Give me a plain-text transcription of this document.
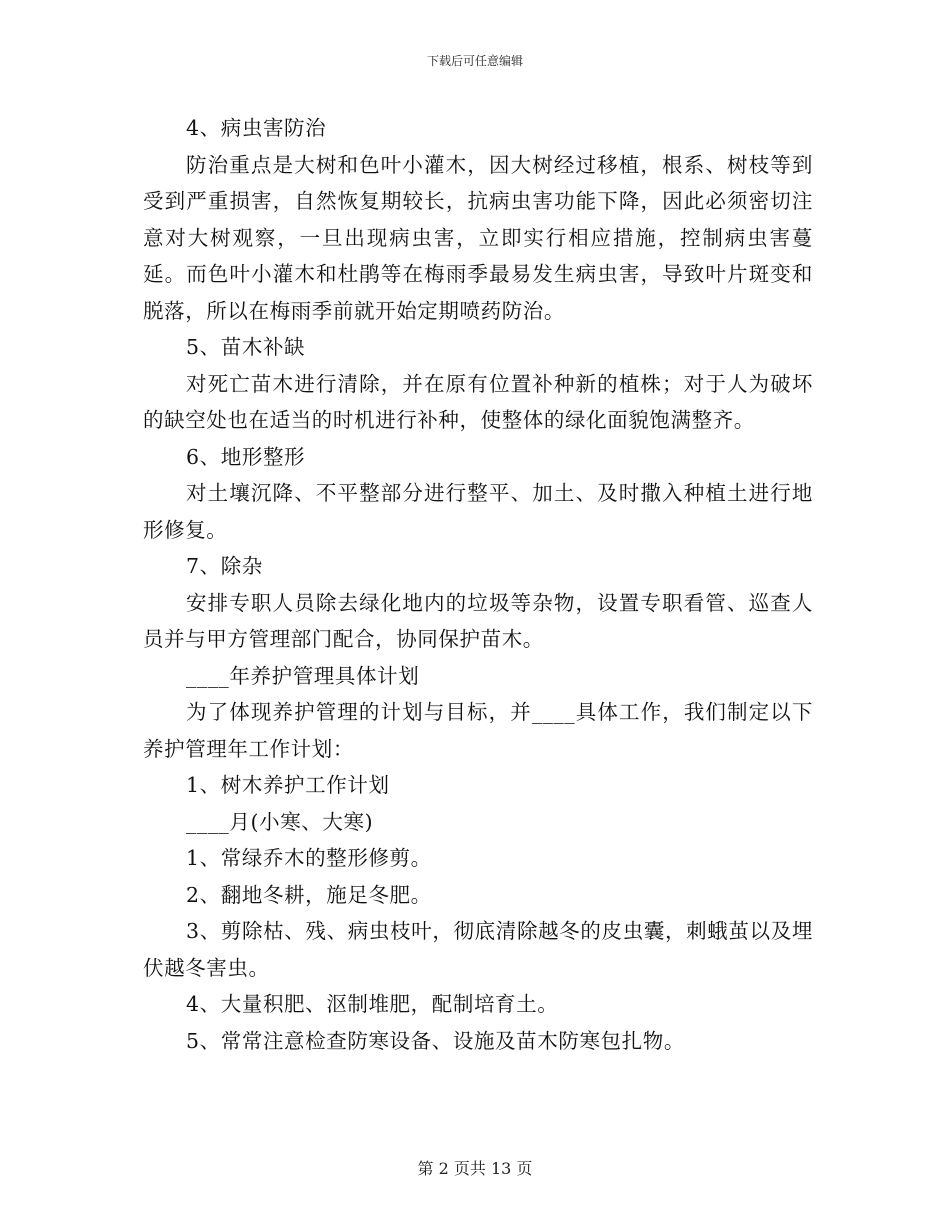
下载后可任意编辑

4、病虫害防治

防治重点是大树和色叶小灌木，因大树经过移植，根系、树枝等到受到严重损害，自然恢复期较长，抗病虫害功能下降，因此必须密切注意对大树观察，一旦出现病虫害，立即实行相应措施，控制病虫害蔓延。而色叶小灌木和杜鹃等在梅雨季最易发生病虫害，导致叶片斑变和脱落，所以在梅雨季前就开始定期喷药防治。

5、苗木补缺

对死亡苗木进行清除，并在原有位置补种新的植株；对于人为破坏的缺空处也在适当的时机进行补种，使整体的绿化面貌饱满整齐。

6、地形整形

对土壤沉降、不平整部分进行整平、加土、及时撒入种植土进行地形修复。

7、除杂

安排专职人员除去绿化地内的垃圾等杂物，设置专职看管、巡查人员并与甲方管理部门配合，协同保护苗木。

____年养护管理具体计划

为了体现养护管理的计划与目标，并____具体工作，我们制定以下养护管理年工作计划：

1、树木养护工作计划

____月(小寒、大寒)

1、常绿乔木的整形修剪。

2、翻地冬耕，施足冬肥。

3、剪除枯、残、病虫枝叶，彻底清除越冬的皮虫囊，刺蛾茧以及埋伏越冬害虫。

4、大量积肥、沤制堆肥，配制培育土。

5、常常注意检查防寒设备、设施及苗木防寒包扎物。

第 2 页共 13 页
